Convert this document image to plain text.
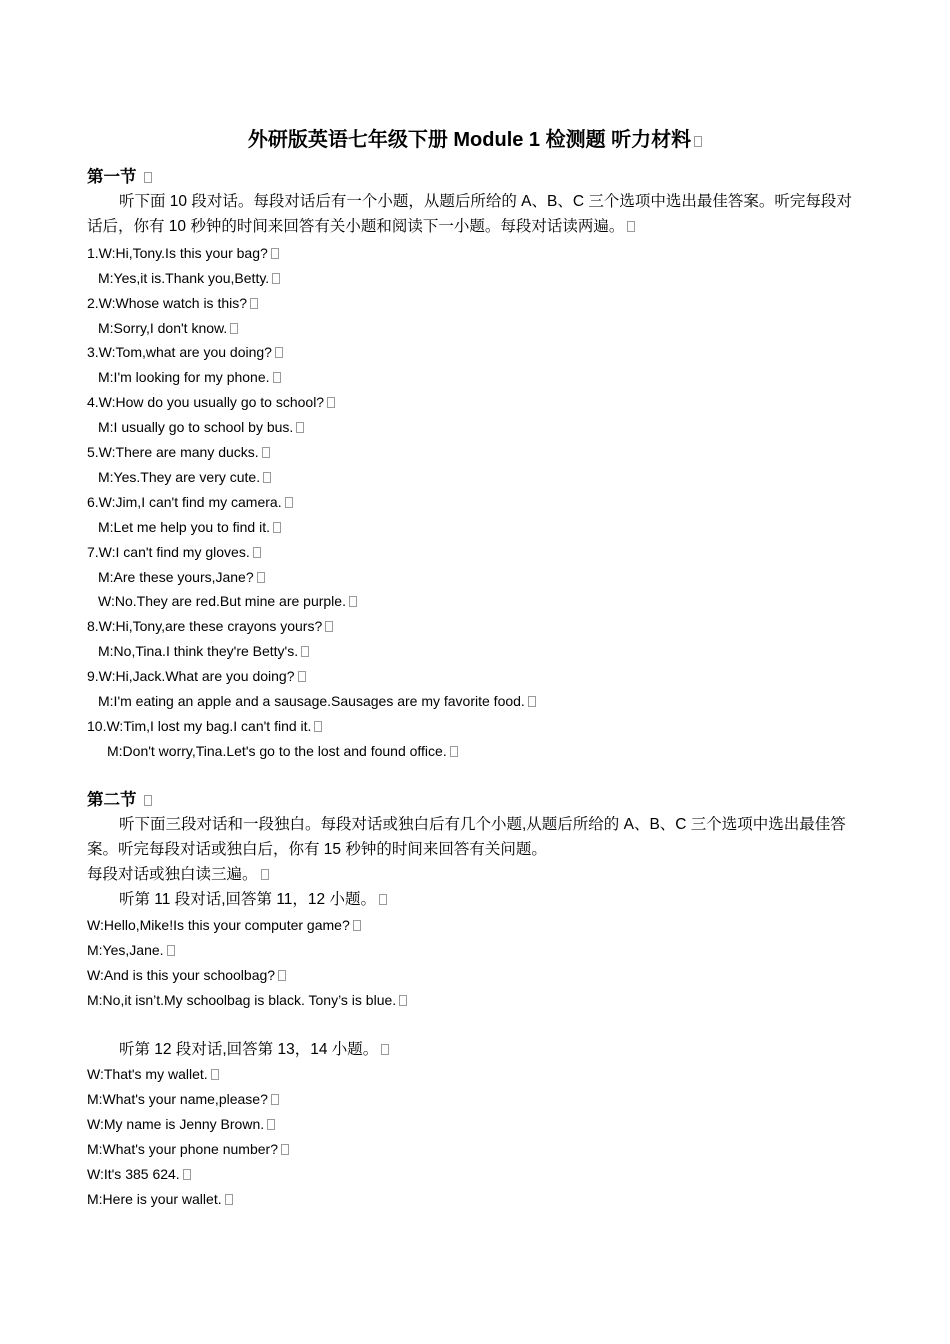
外研版英语七年级下册 Module 1 检测题 听力材料
第一节
听下面 10 段对话。每段对话后有一个小题，从题后所给的 A、B、C 三个选项中选出最佳答案。听完每段对话后，你有 10 秒钟的时间来回答有关小题和阅读下一小题。每段对话读两遍。
1.W:Hi,Tony.Is this your bag?
M:Yes,it is.Thank you,Betty.
2.W:Whose watch is this?
M:Sorry,I don't know.
3.W:Tom,what are you doing?
M:I'm looking for my phone.
4.W:How do you usually go to school?
M:I usually go to school by bus.
5.W:There are many ducks.
M:Yes.They are very cute.
6.W:Jim,I can't find my camera.
M:Let me help you to find it.
7.W:I can't find my gloves.
M:Are these yours,Jane?
W:No.They are red.But mine are purple.
8.W:Hi,Tony,are these crayons yours?
M:No,Tina.I think they're Betty's.
9.W:Hi,Jack.What are you doing?
M:I'm eating an apple and a sausage.Sausages are my favorite food.
10.W:Tim,I lost my bag.I can't find it.
M:Don't worry,Tina.Let's go to the lost and found office.
第二节
听下面三段对话和一段独白。每段对话或独白后有几个小题,从题后所给的 A、B、C 三个选项中选出最佳答案。听完每段对话或独白后，你有 15 秒钟的时间来回答有关问题。
每段对话或独白读三遍。
听第 11 段对话,回答第 11，12 小题。
W:Hello,Mike!Is this your computer game?
M:Yes,Jane.
W:And is this your schoolbag?
M:No,it isn’t.My schoolbag is black. Tony’s is blue.
听第 12 段对话,回答第 13，14 小题。
W:That's my wallet.
M:What's your name,please?
W:My name is Jenny Brown.
M:What's your phone number?
W:It's 385 624.
M:Here is your wallet.
